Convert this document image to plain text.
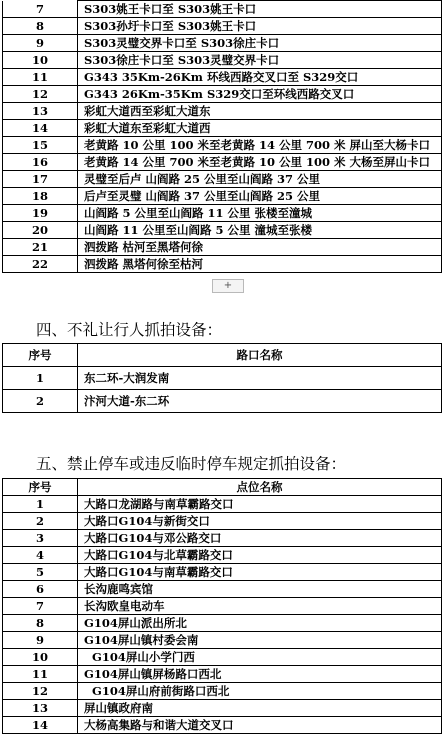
7	S303姚王卡口至 S303姚王卡口
8	S303孙圩卡口至 S303姚王卡口
9	S303灵璧交界卡口至 S303徐庄卡口
10	S303徐庄卡口至 S303灵璧交界卡口
11	G343 35Km-26Km 环线西路交叉口至 S329交口
12	G343 26Km-35Km S329交口至环线西路交叉口
13	彩虹大道西至彩虹大道东
14	彩虹大道东至彩虹大道西
15	老黄路 10 公里 100 米至老黄路 14 公里 700 米 屏山至大杨卡口
16	老黄路 14 公里 700 米至老黄路 10 公里 100 米 大杨至屏山卡口
17	灵璧至后卢 山阎路 25 公里至山阎路 37 公里
18	后卢至灵璧 山阎路 37 公里至山阎路 25 公里
19	山阎路 5 公里至山阎路 11 公里 张楼至潼城
20	山阎路 11 公里至山阎路 5 公里 潼城至张楼
21	泗拨路 枯河至黑塔何徐
22	泗拨路 黑塔何徐至枯河
+
四、不礼让行人抓拍设备：
序号	路口名称
1	东二环-大润发南
2	汴河大道-东二环
五、禁止停车或违反临时停车规定抓拍设备：
序号	点位名称
1	大路口龙湖路与南草霸路交口
2	大路口G104与新街交口
3	大路口G104与邓公路交口
4	大路口G104与北草霸路交口
5	大路口G104与南草霸路交口
6	长沟鹿鸣宾馆
7	长沟欧皇电动车
8	G104屏山派出所北
9	G104屏山镇村委会南
10	G104屏山小学门西
11	G104屏山镇屏杨路口西北
12	G104屏山府前街路口西北
13	屏山镇政府南
14	大杨高集路与和谐大道交叉口
